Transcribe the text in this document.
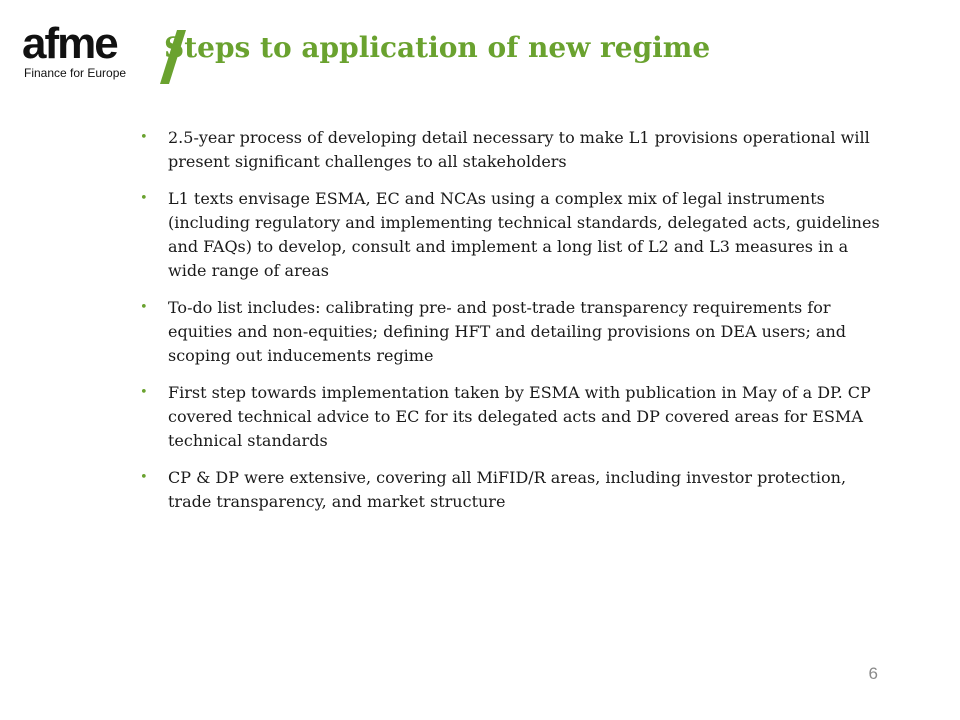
afme
Finance for Europe
Steps to application of new regime
• 2.5-year process of developing detail necessary to make L1 provisions operational will present significant challenges to all stakeholders
• L1 texts envisage ESMA, EC and NCAs using a complex mix of legal instruments (including regulatory and implementing technical standards, delegated acts, guidelines and FAQs) to develop, consult and implement a long list of L2 and L3 measures in a wide range of areas
• To-do list includes: calibrating pre- and post-trade transparency requirements for equities and non-equities; defining HFT and detailing provisions on DEA users; and scoping out inducements regime
• First step towards implementation taken by ESMA with publication in May of a DP. CP covered technical advice to EC for its delegated acts and DP covered areas for ESMA technical standards
• CP & DP were extensive, covering all MiFID/R areas, including investor protection, trade transparency, and market structure
6
